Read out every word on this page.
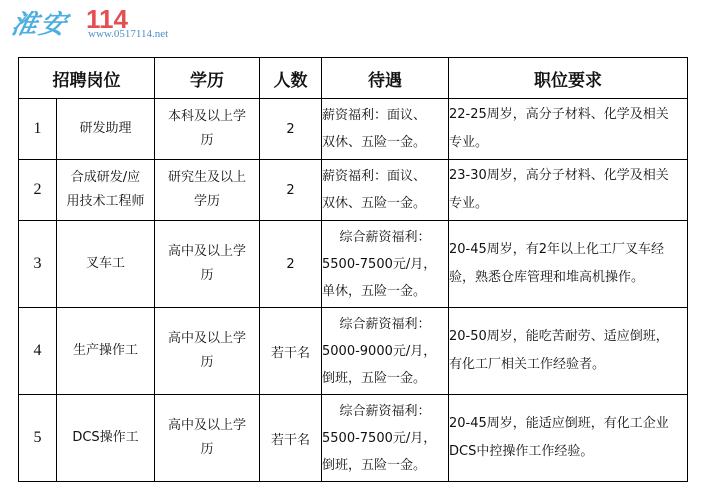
淮安 114
www.0517114.net
招聘岗位		学历	人数	待遇	职位要求
1	研发助理	本科及以上学
历	2	薪资福利：面议、
双休、五险一金。	22-25周岁，高分子材料、化学及相关
专业。

2	合成研发/应
用技术工程师	研究生及以上
学历	2	薪资福利：面议、
双休、五险一金。	23-30周岁，高分子材料、化学及相关
专业。

3	叉车工	高中及以上学
历	2	综合薪资福利：
5500-7500元/月，
单休，五险一金。	20-45周岁，有2年以上化工厂叉车经
验，熟悉仓库管理和堆高机操作。

4	生产操作工	高中及以上学
历	若干名	综合薪资福利：
5000-9000元/月，
倒班，五险一金。	20-50周岁，能吃苦耐劳、适应倒班，
有化工厂相关工作经验者。

5	DCS操作工	高中及以上学
历	若干名	综合薪资福利：
5500-7500元/月，
倒班，五险一金。	20-45周岁，能适应倒班，有化工企业
DCS中控操作工作经验。
